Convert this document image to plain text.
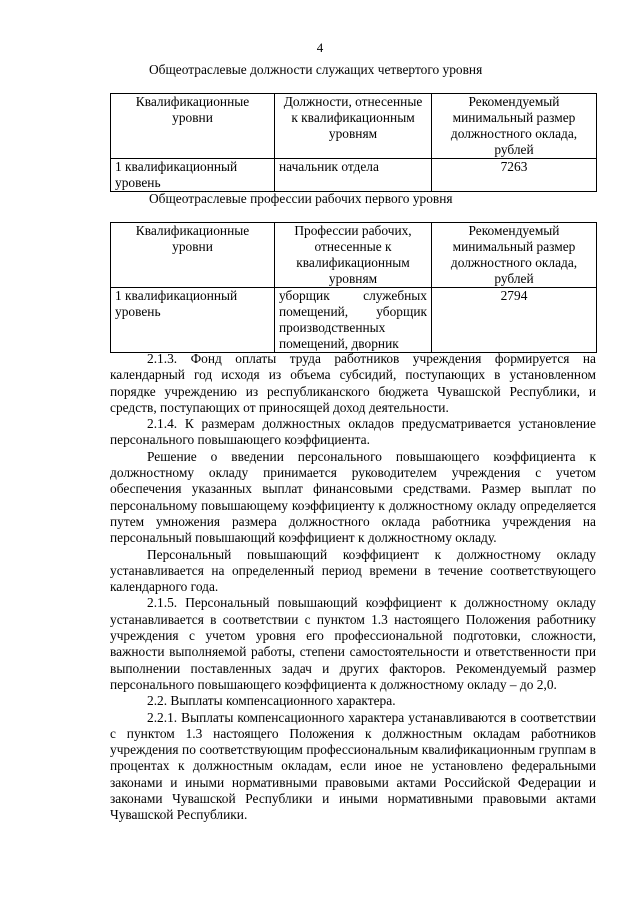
4
Общеотраслевые должности служащих четвертого уровня
Квалификационные уровни	Должности, отнесенные к квалификационным уровням	Рекомендуемый минимальный размер должностного оклада, рублей
1 квалификационный уровень	начальник отдела	7263
Общеотраслевые профессии рабочих первого уровня
Квалификационные уровни	Профессии рабочих, отнесенные к квалификационным уровням	Рекомендуемый минимальный размер должностного оклада, рублей
1 квалификационный уровень	уборщик служебных помещений, уборщик производственных помещений, дворник	2794

2.1.3. Фонд оплаты труда работников учреждения формируется на календарный год исходя из объема субсидий, поступающих в установленном порядке учреждению из республиканского бюджета Чувашской Республики, и средств, поступающих от приносящей доход деятельности.

2.1.4. К размерам должностных окладов предусматривается установление персонального повышающего коэффициента.

Решение о введении персонального повышающего коэффициента к должностному окладу принимается руководителем учреждения с учетом обеспечения указанных выплат финансовыми средствами. Размер выплат по персональному повышающему коэффициенту к должностному окладу определяется путем умножения размера должностного оклада работника учреждения на персональный повышающий коэффициент к должностному окладу.

Персональный повышающий коэффициент к должностному окладу устанавливается на определенный период времени в течение соответствующего календарного года.

2.1.5. Персональный повышающий коэффициент к должностному окладу устанавливается в соответствии с пунктом 1.3 настоящего Положения работнику учреждения с учетом уровня его профессиональной подготовки, сложности, важности выполняемой работы, степени самостоятельности и ответственности при выполнении поставленных задач и других факторов. Рекомендуемый размер персонального повышающего коэффициента к должностному окладу – до 2,0.

2.2. Выплаты компенсационного характера.

2.2.1. Выплаты компенсационного характера устанавливаются в соответствии с пунктом 1.3 настоящего Положения к должностным окладам работников учреждения по соответствующим профессиональным квалификационным группам в процентах к должностным окладам, если иное не установлено федеральными законами и иными нормативными правовыми актами Российской Федерации и законами Чувашской Республики и иными нормативными правовыми актами Чувашской Республики.
